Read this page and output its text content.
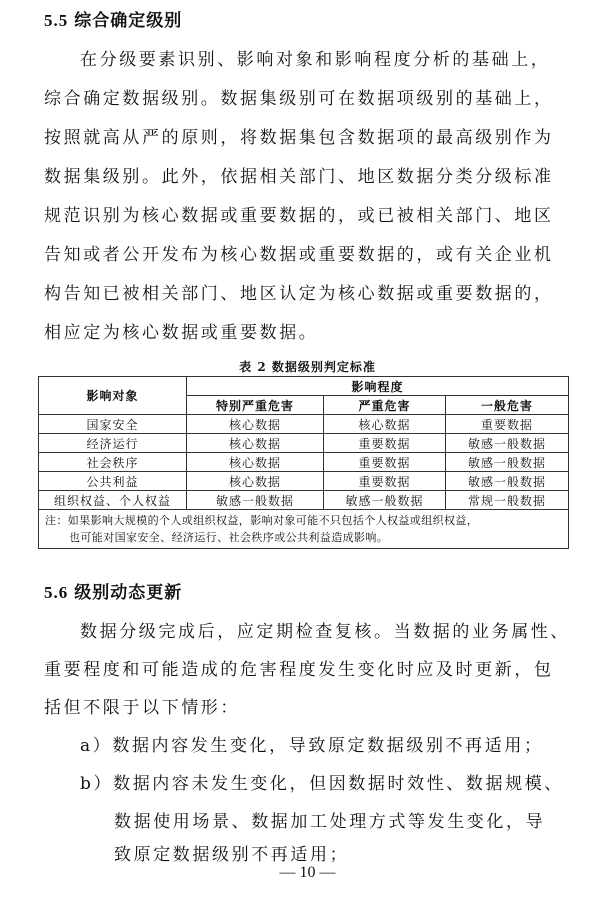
5.5 综合确定级别
在分级要素识别、影响对象和影响程度分析的基础上，
综合确定数据级别。数据集级别可在数据项级别的基础上，
按照就高从严的原则，将数据集包含数据项的最高级别作为
数据集级别。此外，依据相关部门、地区数据分类分级标准
规范识别为核心数据或重要数据的，或已被相关部门、地区
告知或者公开发布为核心数据或重要数据的，或有关企业机
构告知已被相关部门、地区认定为核心数据或重要数据的，
相应定为核心数据或重要数据。
表 2 数据级别判定标准
影响对象	影响程度		
	特别严重危害	严重危害	一般危害
国家安全	核心数据	核心数据	重要数据
经济运行	核心数据	重要数据	敏感一般数据
社会秩序	核心数据	重要数据	敏感一般数据
公共利益	核心数据	重要数据	敏感一般数据
组织权益、个人权益	敏感一般数据	敏感一般数据	常规一般数据
注：如果影响大规模的个人或组织权益，影响对象可能不只包括个人权益或组织权益，
也可能对国家安全、经济运行、社会秩序或公共利益造成影响。			
5.6 级别动态更新
数据分级完成后，应定期检查复核。当数据的业务属性、
重要程度和可能造成的危害程度发生变化时应及时更新，包
括但不限于以下情形：
a）数据内容发生变化，导致原定数据级别不再适用；
b）数据内容未发生变化，但因数据时效性、数据规模、
数据使用场景、数据加工处理方式等发生变化，导
致原定数据级别不再适用；
— 10 —
